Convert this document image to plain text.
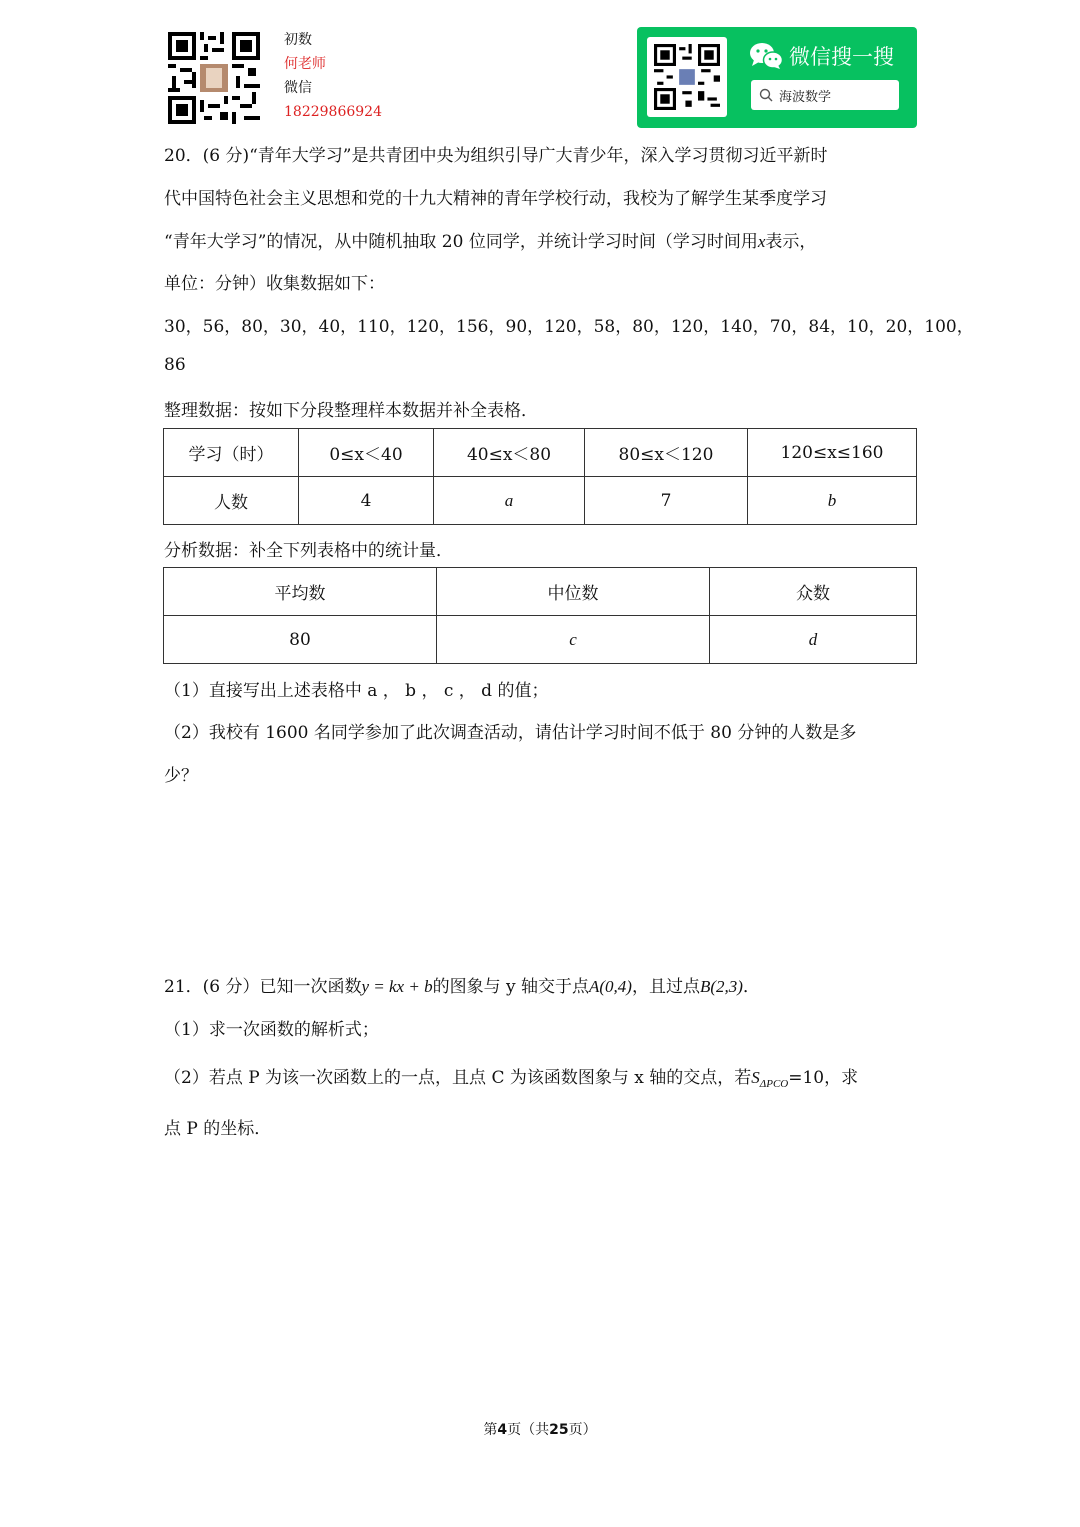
初数
何老师
微信
18229866924
微信搜一搜
海波数学
20．(6 分)“青年大学习”是共青团中央为组织引导广大青少年，深入学习贯彻习近平新时
代中国特色社会主义思想和党的十九大精神的青年学校行动，我校为了解学生某季度学习
“青年大学习”的情况，从中随机抽取 20 位同学，并统计学习时间（学习时间用x表示，
单位：分钟）收集数据如下：
30，56，80，30，40，110，120，156，90，120，58，80，120，140，70，84，10，20，100，
86
整理数据：按如下分段整理样本数据并补全表格．
学习（时）	0≤x＜40	40≤x＜80	80≤x＜120	120≤x≤160
人数	4	a	7	b
分析数据：补全下列表格中的统计量．
平均数	中位数	众数
80	c	d
（1）直接写出上述表格中 a ， b ， c ， d 的值；
（2）我校有 1600 名同学参加了此次调查活动，请估计学习时间不低于 80 分钟的人数是多
少？
21．(6 分）已知一次函数y = kx + b的图象与 y 轴交于点A(0,4)，且过点B(2,3)．
（1）求一次函数的解析式；
（2）若点 P 为该一次函数上的一点，且点 C 为该函数图象与 x 轴的交点，若$S_{\Delta PCO}=10$，求
点 P 的坐标．
第4页（共25页）
